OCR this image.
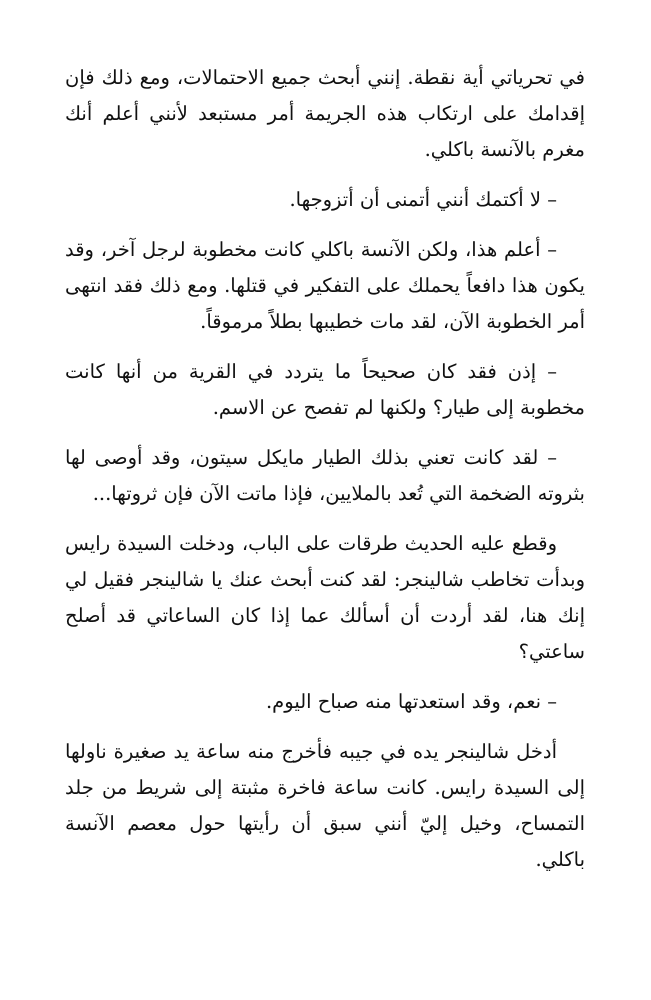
في تحرياتي أية نقطة. إنني أبحث جميع الاحتمالات، ومع ذلك فإن إقدامك على ارتكاب هذه الجريمة أمر مستبعد لأنني أعلم أنك مغرم بالآنسة باكلي.

– لا أكتمك أنني أتمنى أن أتزوجها.

– أعلم هذا، ولكن الآنسة باكلي كانت مخطوبة لرجل آخر، وقد يكون هذا دافعاً يحملك على التفكير في قتلها. ومع ذلك فقد انتهى أمر الخطوبة الآن، لقد مات خطيبها بطلاً مرموقاً.

– إذن فقد كان صحيحاً ما يتردد في القرية من أنها كانت مخطوبة إلى طيار؟ ولكنها لم تفصح عن الاسم.

– لقد كانت تعني بذلك الطيار مايكل سيتون، وقد أوصى لها بثروته الضخمة التي تُعد بالملايين، فإذا ماتت الآن فإن ثروتها...

وقطع عليه الحديث طرقات على الباب، ودخلت السيدة رايس وبدأت تخاطب شالينجر: لقد كنت أبحث عنك يا شالينجر فقيل لي إنك هنا، لقد أردت أن أسألك عما إذا كان الساعاتي قد أصلح ساعتي؟

– نعم، وقد استعدتها منه صباح اليوم.

أدخل شالينجر يده في جيبه فأخرج منه ساعة يد صغيرة ناولها إلى السيدة رايس. كانت ساعة فاخرة مثبتة إلى شريط من جلد التمساح، وخيل إليّ أنني سبق أن رأيتها حول معصم الآنسة باكلي.
